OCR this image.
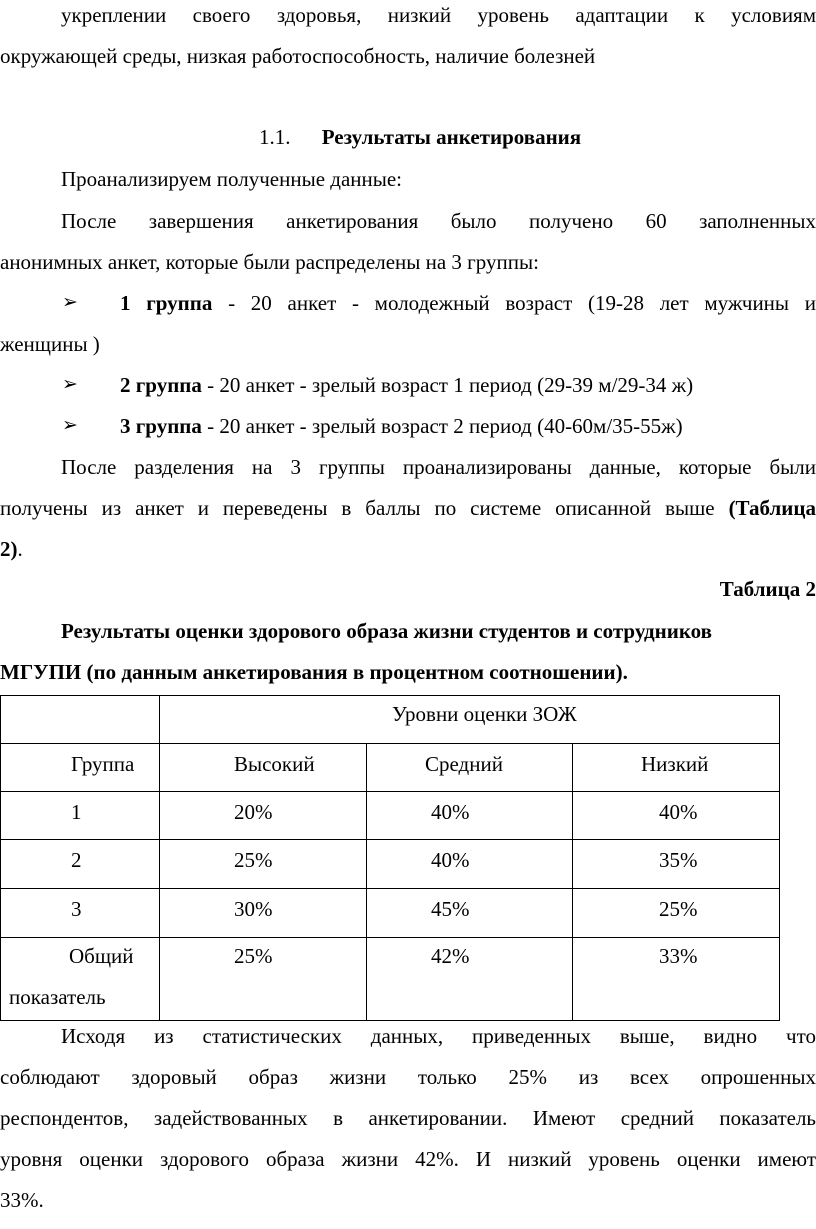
укреплении своего здоровья, низкий уровень адаптации к условиям
окружающей среды, низкая работоспособность, наличие болезней
1.1. Результаты анкетирования
Проанализируем полученные данные:
После завершения анкетирования было получено 60 заполненных
анонимных анкет, которые были распределены на 3 группы:
➢ 1 группа - 20 анкет - молодежный возраст (19-28 лет мужчины и
женщины )
➢ 2 группа - 20 анкет - зрелый возраст 1 период (29-39 м/29-34 ж)
➢ 3 группа - 20 анкет - зрелый возраст 2 период (40-60м/35-55ж)
После разделения на 3 группы проанализированы данные, которые были
получены из анкет и переведены в баллы по системе описанной выше (Таблица
2).
Таблица 2
Результаты оценки здорового образа жизни студентов и сотрудников
МГУПИ (по данным анкетирования в процентном соотношении).

	Уровни оценки ЗОЖ		

Группа	Высокий	Средний	Низкий

1	20%	40%	40%

2	25%	40%	35%

3	30%	45%	25%

Общий
показатель	25%	42%	33%
Исходя из статистических данных, приведенных выше, видно что
соблюдают здоровый образ жизни только 25% из всех опрошенных
респондентов, задействованных в анкетировании. Имеют средний показатель
уровня оценки здорового образа жизни 42%. И низкий уровень оценки имеют
33%.
